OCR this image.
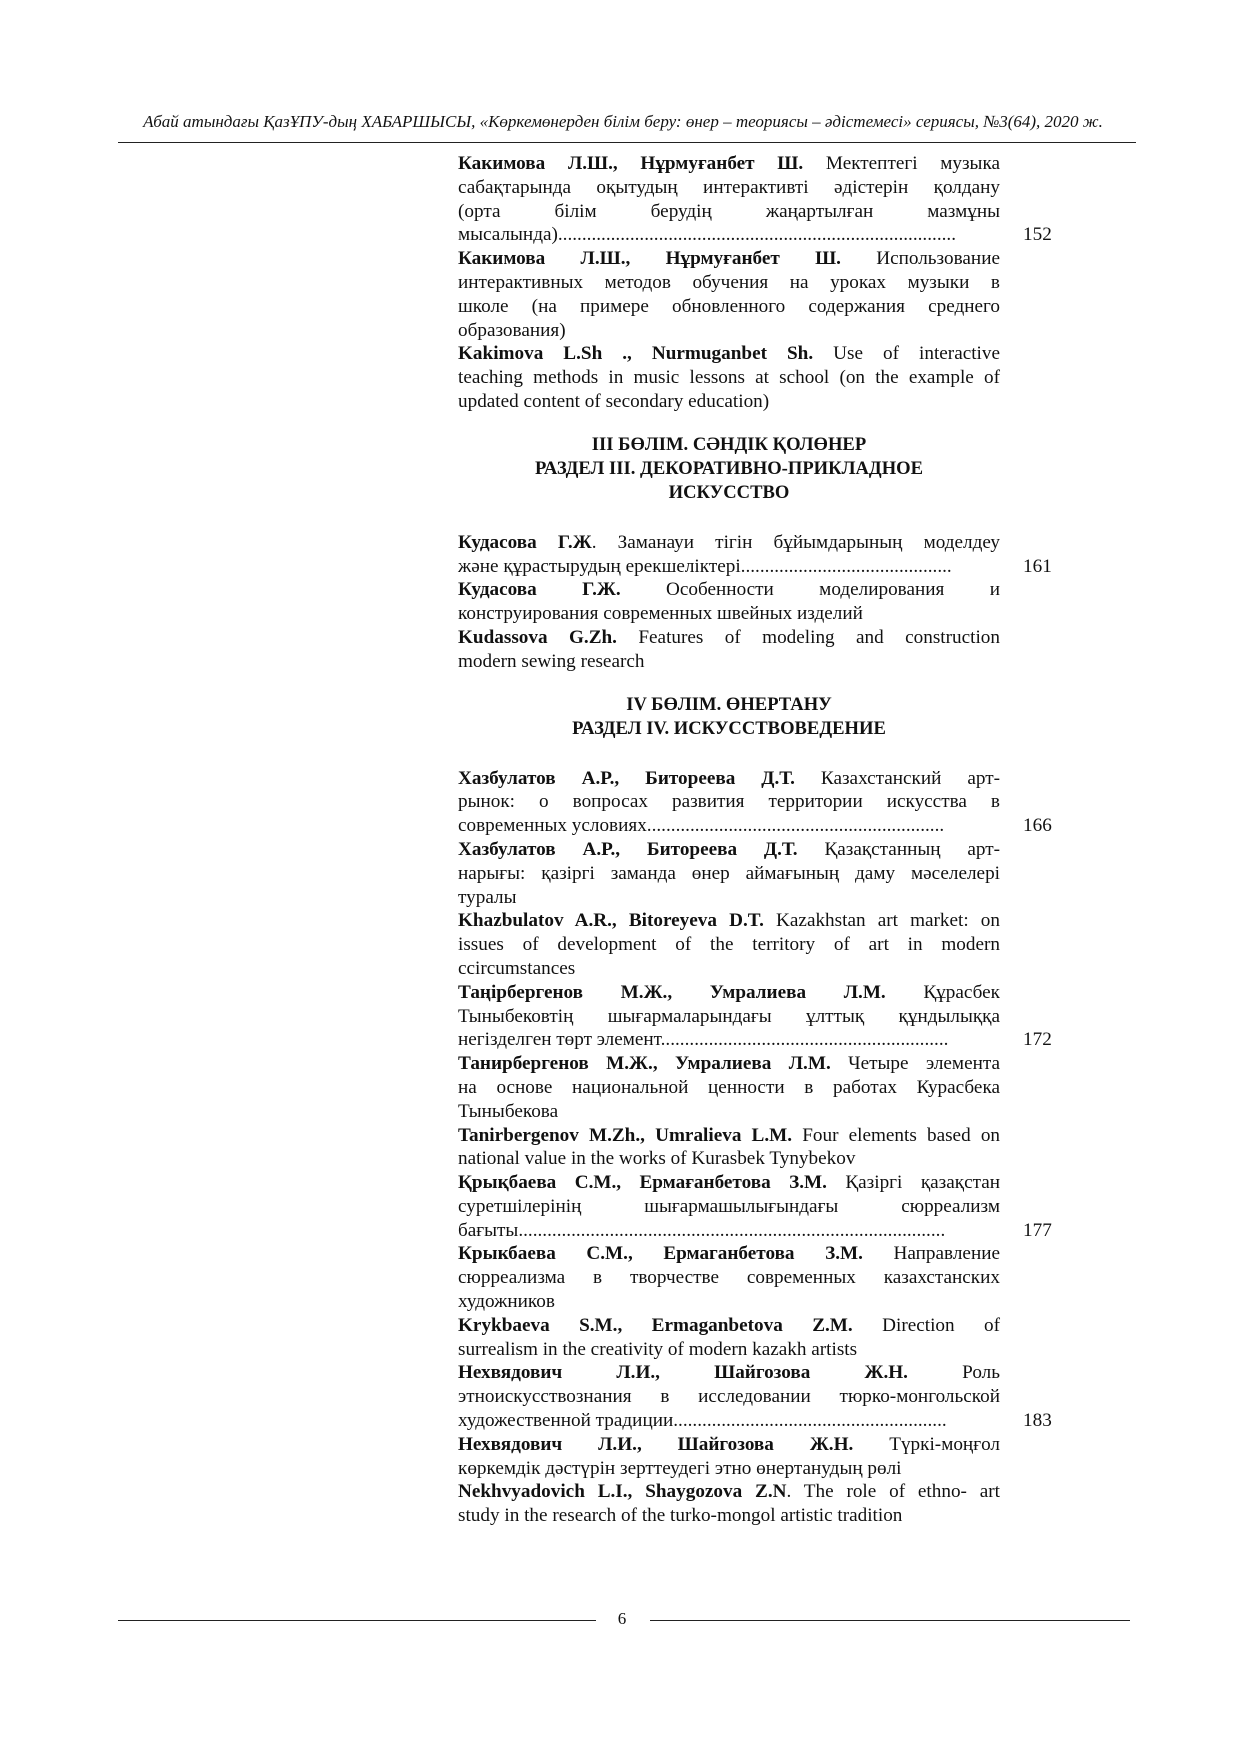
Абай атындағы ҚазҰПУ-дың ХАБАРШЫСЫ, «Көркемөнерден білім беру: өнер – теориясы – әдістемесі» сериясы, №3(64), 2020 ж.

Какимова Л.Ш., Нұрмуғанбет Ш. Мектептегі музыка

сабақтарында оқытудың интерактивті әдістерін қолдану

(орта білім берудің жаңартылған мазмұны

мысалында)...................................................................................	152

Какимова Л.Ш., Нұрмуғанбет Ш. Использование

интерактивных методов обучения на уроках музыки в

школе (на примере обновленного содержания среднего

образования)

Kakimova L.Sh ., Nurmuganbet Sh. Use of interactive

teaching methods in music lessons at school (on the example of

updated content of secondary education)

III БӨЛІМ. СӘНДІК ҚОЛӨНЕР
РАЗДЕЛ III. ДЕКОРАТИВНО-ПРИКЛАДНОЕ
ИСКУССТВО

Кудасова Г.Ж. Заманауи тігін бұйымдарының моделдеу

және құрастырудың ерекшеліктері............................................	161

Кудасова Г.Ж. Особенности моделирования и

конструирования современных швейных изделий

Kudassova G.Zh. Features of modeling and construction

modern sewing research

IV БӨЛІМ. ӨНЕРТАНУ
РАЗДЕЛ IV. ИСКУССТВОВЕДЕНИЕ

Хазбулатов А.Р., Битореева Д.Т. Казахстанский арт-

рынок: о вопросах развития территории искусства в

современных условиях..............................................................	166

Хазбулатов А.Р., Битореева Д.Т. Қазақстанның арт-

нарығы: қазіргі заманда өнер аймағының даму мәселелері

туралы

Khazbulatov A.R., Bitoreyeva D.T. Kazakhstan art market: on

issues of development of the territory of art in modern

ccircumstances

Таңірбергенов М.Ж., Умралиева Л.М. Құрасбек

Тыныбековтің шығармаларындағы ұлттық құндылыққа

негізделген төрт элемент............................................................	172

Танирбергенов М.Ж., Умралиева Л.М. Четыре элемента

на основе национальной ценности в работах Курасбека

Тыныбекова

Tanirbergenov M.Zh., Umralieva L.M. Four elements based on

national value in the works of Kurasbek Tynybekov

Қрықбаева С.М., Ермағанбетова З.М. Қазіргі қазақстан

суретшілерінің шығармашылығындағы сюрреализм

бағыты.........................................................................................	177

Крыкбаева С.М., Ермаганбетова З.М. Направление

сюрреализма в творчестве современных казахстанских

художников

Krykbaeva S.M., Ermaganbetova Z.M. Direction of

surrealism in the creativity of modern kazakh artists

Нехвядович Л.И., Шайгозова Ж.Н. Роль

этноискусствознания в исследовании тюрко-монгольской

художественной традиции.........................................................	183

Нехвядович Л.И., Шайгозова Ж.Н. Түркі-моңғол

көркемдік дәстүрін зерттеудегі этно өнертанудың рөлі

Nekhvyadovich L.I., Shaygozova Z.N. The role of ethno- art

study in the research of the turko-mongol artistic tradition

6
